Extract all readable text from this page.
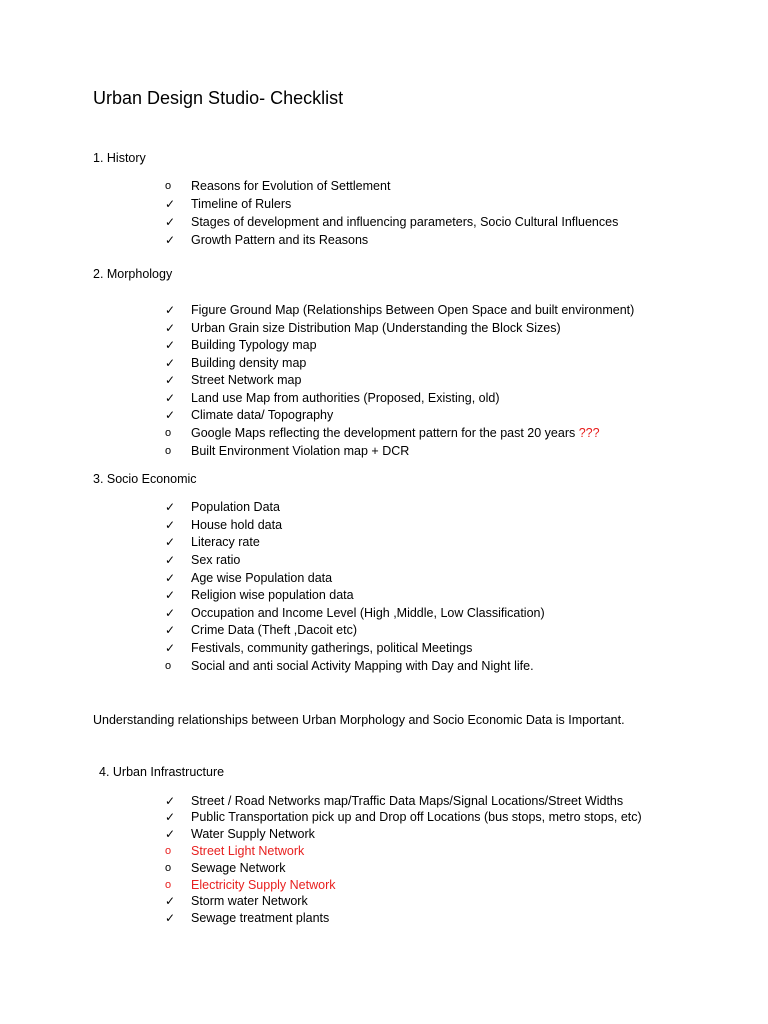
Urban Design Studio- Checklist
1. History
o	Reasons for Evolution of Settlement
✓	Timeline of Rulers
✓	Stages of development and influencing parameters, Socio Cultural Influences
✓	Growth Pattern and its Reasons
2. Morphology
✓	Figure Ground Map (Relationships Between Open Space and built environment)
✓	Urban Grain size Distribution Map (Understanding the Block Sizes)
✓	Building Typology map
✓	Building density map
✓	Street Network map
✓	Land use Map from authorities (Proposed, Existing, old)
✓	Climate data/ Topography
o	Google Maps reflecting the development pattern for the past 20 years ???
o	Built Environment Violation map + DCR
3. Socio Economic
✓	Population Data
✓	House hold data
✓	Literacy rate
✓	Sex ratio
✓	Age wise Population data
✓	Religion wise population data
✓	Occupation and Income Level (High ,Middle, Low Classification)
✓	Crime Data (Theft ,Dacoit etc)
✓	Festivals, community gatherings, political Meetings
o	Social and anti social Activity Mapping with Day and Night life.
Understanding relationships between Urban Morphology and Socio Economic Data is Important.
4. Urban Infrastructure
✓	Street / Road Networks map/Traffic Data Maps/Signal Locations/Street Widths
✓	Public Transportation pick up and Drop off Locations (bus stops, metro stops, etc)
✓	Water Supply Network
o	Street Light Network
o	Sewage Network
o	Electricity Supply Network
✓	Storm water Network
✓	Sewage treatment plants
